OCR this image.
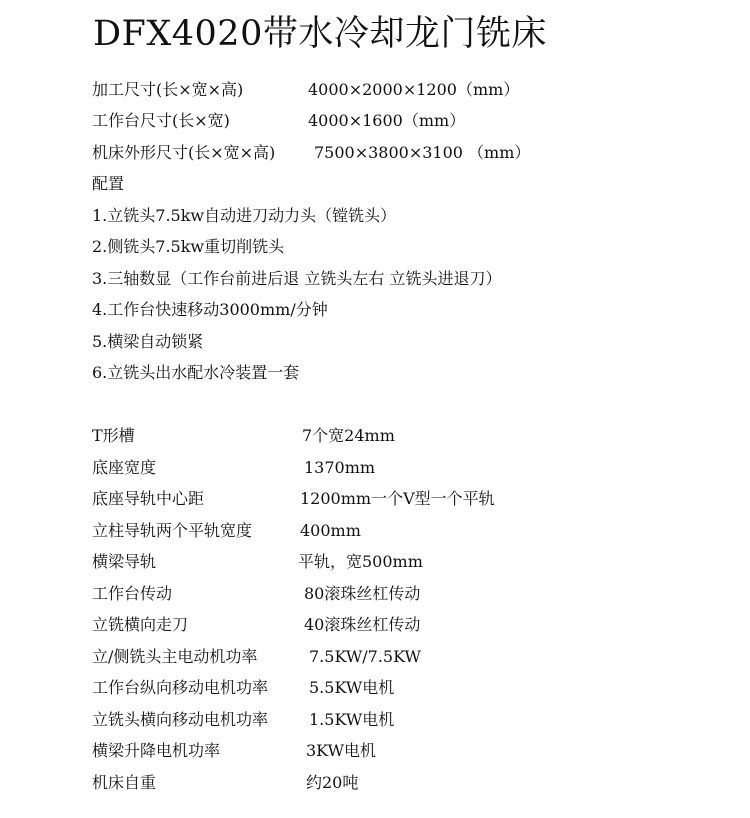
DFX4020带水冷却龙门铣床
加工尺寸(长×宽×高)	4000×2000×1200（mm）
工作台尺寸(长×宽)	4000×1600（mm）
机床外形尺寸(长×宽×高) 7500×3800×3100 （mm）
配置
1.立铣头7.5kw自动进刀动力头（镗铣头）
2.侧铣头7.5kw重切削铣头
3.三轴数显（工作台前进后退 立铣头左右 立铣头进退刀）
4.工作台快速移动3000mm/分钟
5.横梁自动锁紧
6.立铣头出水配水冷装置一套
T形槽	7个宽24mm
底座宽度	1370mm
底座导轨中心距	1200mm一个V型一个平轨
立柱导轨两个平轨宽度	400mm
横梁导轨	平轨，宽500mm
工作台传动	80滚珠丝杠传动
立铣横向走刀	40滚珠丝杠传动
立/侧铣头主电动机功率	7.5KW/7.5KW
工作台纵向移动电机功率	5.5KW电机
立铣头横向移动电机功率	1.5KW电机
横梁升降电机功率	3KW电机
机床自重	约20吨
